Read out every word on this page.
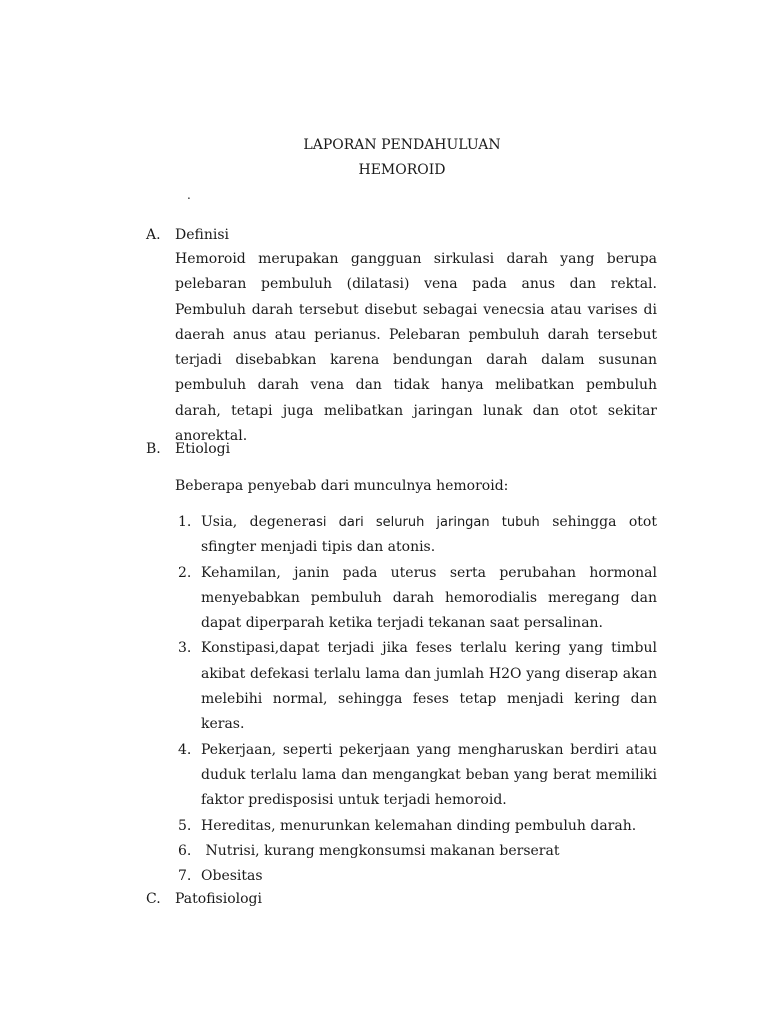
LAPORAN PENDAHULUAN
HEMOROID
.
A. Definisi
Hemoroid merupakan gangguan sirkulasi darah yang berupa pelebaran pembuluh (dilatasi) vena pada anus dan rektal. Pembuluh darah tersebut disebut sebagai venecsia atau varises di daerah anus atau perianus. Pelebaran pembuluh darah tersebut terjadi disebabkan karena bendungan darah dalam susunan pembuluh darah vena dan tidak hanya melibatkan pembuluh darah, tetapi juga melibatkan jaringan lunak dan otot sekitar anorektal.
B. Etiologi
Beberapa penyebab dari munculnya hemoroid:
1. Usia, degenerasi dari seluruh jaringan tubuh sehingga otot sfingter menjadi tipis dan atonis.
2. Kehamilan, janin pada uterus serta perubahan hormonal menyebabkan pembuluh darah hemorodialis meregang dan dapat diperparah ketika terjadi tekanan saat persalinan.
3. Konstipasi,dapat terjadi jika feses terlalu kering yang timbul akibat defekasi terlalu lama dan jumlah H2O yang diserap akan melebihi normal, sehingga feses tetap menjadi kering dan keras.
4. Pekerjaan, seperti pekerjaan yang mengharuskan berdiri atau duduk terlalu lama dan mengangkat beban yang berat memiliki faktor predisposisi untuk terjadi hemoroid.
5. Hereditas, menurunkan kelemahan dinding pembuluh darah.
6. Nutrisi, kurang mengkonsumsi makanan berserat
7. Obesitas
C. Patofisiologi
